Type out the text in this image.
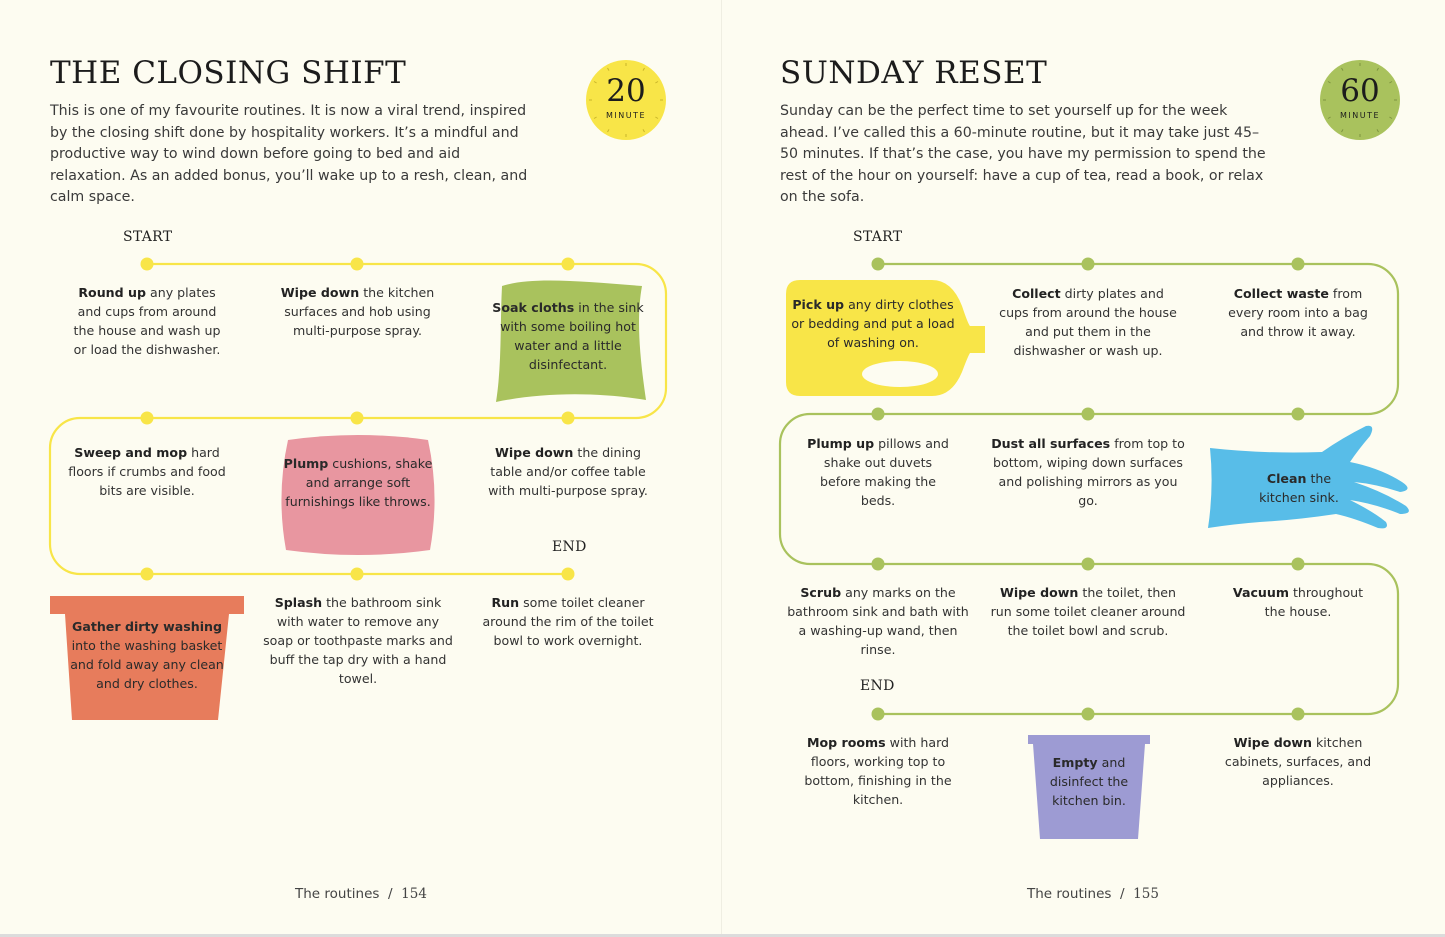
THE CLOSING SHIFT
This is one of my favourite routines. It is now a viral trend, inspired by the closing shift done by hospitality workers. It’s a mindful and productive way to wind down before going to bed and aid relaxation. As an added bonus, you’ll wake up to a resh, clean, and calm space.
20
MINUTE
START
END
Round up any plates and cups from around the house and wash up or load the dishwasher.
Wipe down the kitchen surfaces and hob using multi-purpose spray.
Soak cloths in the sink with some boiling hot water and a little disinfectant.
Sweep and mop hard floors if crumbs and food bits are visible.
Plump cushions, shake and arrange soft furnishings like throws.
Wipe down the dining table and/or coffee table with multi-purpose spray.
Gather dirty washing into the washing basket and fold away any clean and dry clothes.
Splash the bathroom sink with water to remove any soap or toothpaste marks and buff the tap dry with a hand towel.
Run some toilet cleaner around the rim of the toilet bowl to work overnight.
The routines / 154
SUNDAY RESET
Sunday can be the perfect time to set yourself up for the week ahead. I’ve called this a 60-minute routine, but it may take just 45–50 minutes. If that’s the case, you have my permission to spend the rest of the hour on yourself: have a cup of tea, read a book, or relax on the sofa.
60
MINUTE
START
END
Pick up any dirty clothes or bedding and put a load of washing on.
Collect dirty plates and cups from around the house and put them in the dishwasher or wash up.
Collect waste from every room into a bag and throw it away.
Plump up pillows and shake out duvets before making the beds.
Dust all surfaces from top to bottom, wiping down surfaces and polishing mirrors as you go.
Clean the kitchen sink.
Scrub any marks on the bathroom sink and bath with a washing-up wand, then rinse.
Wipe down the toilet, then run some toilet cleaner around the toilet bowl and scrub.
Vacuum throughout the house.
Mop rooms with hard floors, working top to bottom, finishing in the kitchen.
Empty and disinfect the kitchen bin.
Wipe down kitchen cabinets, surfaces, and appliances.
The routines / 155
